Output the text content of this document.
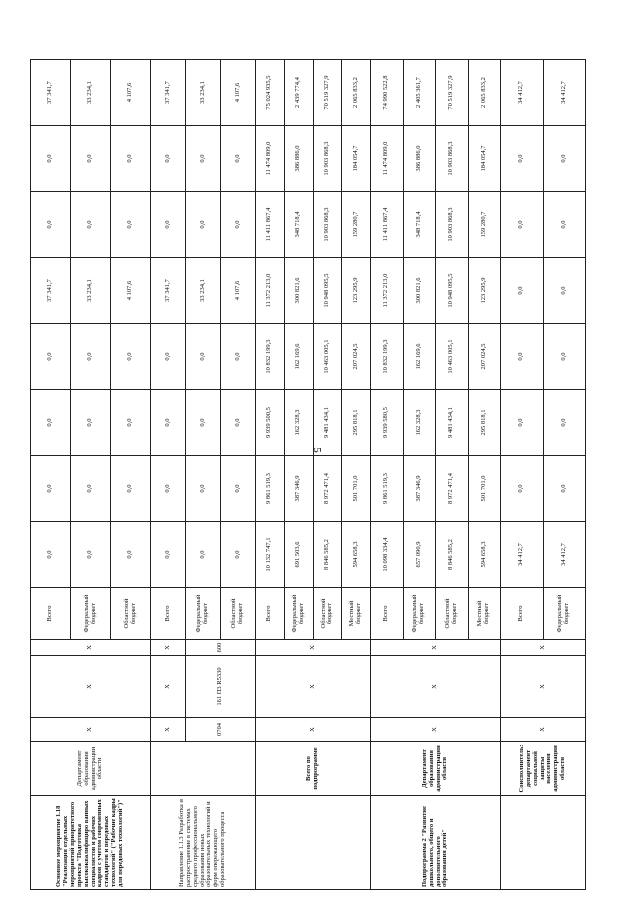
5
Основное мероприятие 1.18 "Реализация отдельных мероприятий приоритетного проекта "Подготовка высококвалифициро ванных специалистов и рабочих кадров с учетом современных стандартов и передовых технологий" ("Рабочие кадры для передовых технологий")"	Департамент образования администрации области	X	X	X	Всего	0,0	0,0	0,0	0,0	37 341,7	0,0	0,0	37 341,7
					Федеральный бюджет	0,0	0,0	0,0	0,0	33 234,1	0,0	0,0	33 234,1
					Областной бюджет	0,0	0,0	0,0	0,0	4 107,6	0,0	0,0	4 107,6
Направление 1.1.3 Разработка и распространение в системах среднего профессионального образования новых образовательных технологий и форм опережающего образовательного процесса		X	X	X	Всего	0,0	0,0	0,0	0,0	37 341,7	0,0	0,0	37 341,7
		0704	161 П3 R5330	600	Федеральный бюджет	0,0	0,0	0,0	0,0	33 234,1	0,0	0,0	33 234,1
					Областной бюджет	0,0	0,0	0,0	0,0	4 107,6	0,0	0,0	4 107,6
	Всего по подпрограмме	X	X	X	Всего	10 132 747,1	9 861 519,3	9 939 500,5	10 832 199,3	11 372 213,0	11 411 867,4	11 474 809,0	75 024 935,5
					Федеральный бюджет	691 503,6	387 346,9	162 328,3	162 169,6	300 821,6	348 718,4	386 886,0	2 439 774,4
					Областной бюджет	8 846 585,2	8 972 471,4	9 481 434,1	10 463 005,1	10 948 095,5	10 903 868,3	10 903 868,3	70 519 327,9
					Местный бюджет	594 658,3	501 701,0	295 818,1	207 024,5	123 295,9	159 280,7	184 054,7	2 065 833,2
Подпрограмма 2 "Развитие дошкольного, общего и дополнительного образования детей"	Департамент образования администрации области	X	X	X	Всего	10 098 334,4	9 861 519,3	9 939 580,5	10 832 199,3	11 372 213,0	11 411 867,4	11 474 809,0	74 990 522,8
					Федеральный бюджет	657 090,9	387 346,9	162 328,3	162 169,6	300 821,6	348 718,4	386 886,0	2 405 361,7
					Областной бюджет	8 846 585,2	8 972 471,4	9 481 434,1	10 463 005,1	10 948 095,5	10 903 868,3	10 903 868,3	70 519 327,9
					Местный бюджет	594 658,3	501 701,0	295 818,1	207 024,5	123 295,9	159 280,7	184 054,7	2 065 833,2
	Соисполнитель: департамент социальной защиты населения администрации области	X	X	X	Всего	34 412,7	0,0	0,0	0,0	0,0	0,0	0,0	34 412,7
					Федеральный бюджет	34 412,7	0,0	0,0	0,0	0,0	0,0	0,0	34 412,7
